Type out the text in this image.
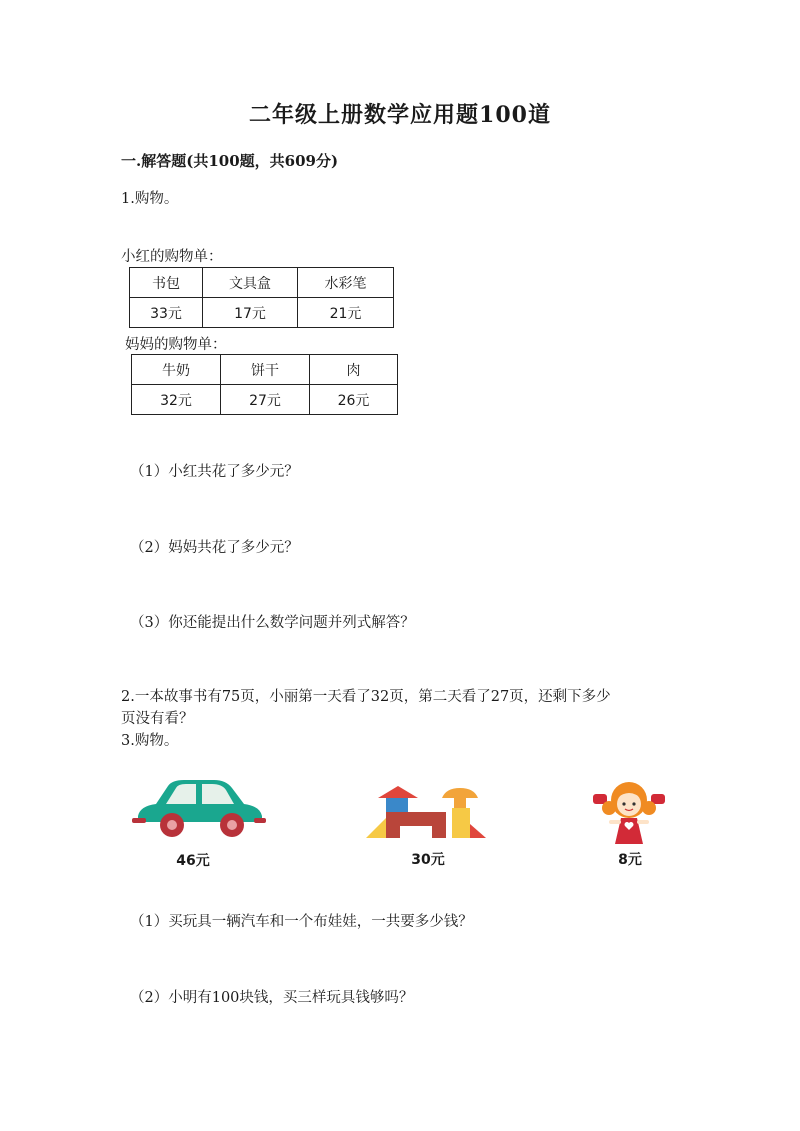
二年级上册数学应用题100道
一.解答题(共100题，共609分)
1.购物。
小红的购物单：
书包	文具盒	水彩笔
33元	17元	21元
妈妈的购物单：
牛奶	饼干	肉
32元	27元	26元
（1）小红共花了多少元？
（2）妈妈共花了多少元？
（3）你还能提出什么数学问题并列式解答？
2.一本故事书有75页，小丽第一天看了32页，第二天看了27页，还剩下多少
页没有看？
3.购物。
46元	30元	8元
（1）买玩具一辆汽车和一个布娃娃，一共要多少钱？
（2）小明有100块钱，买三样玩具钱够吗？
